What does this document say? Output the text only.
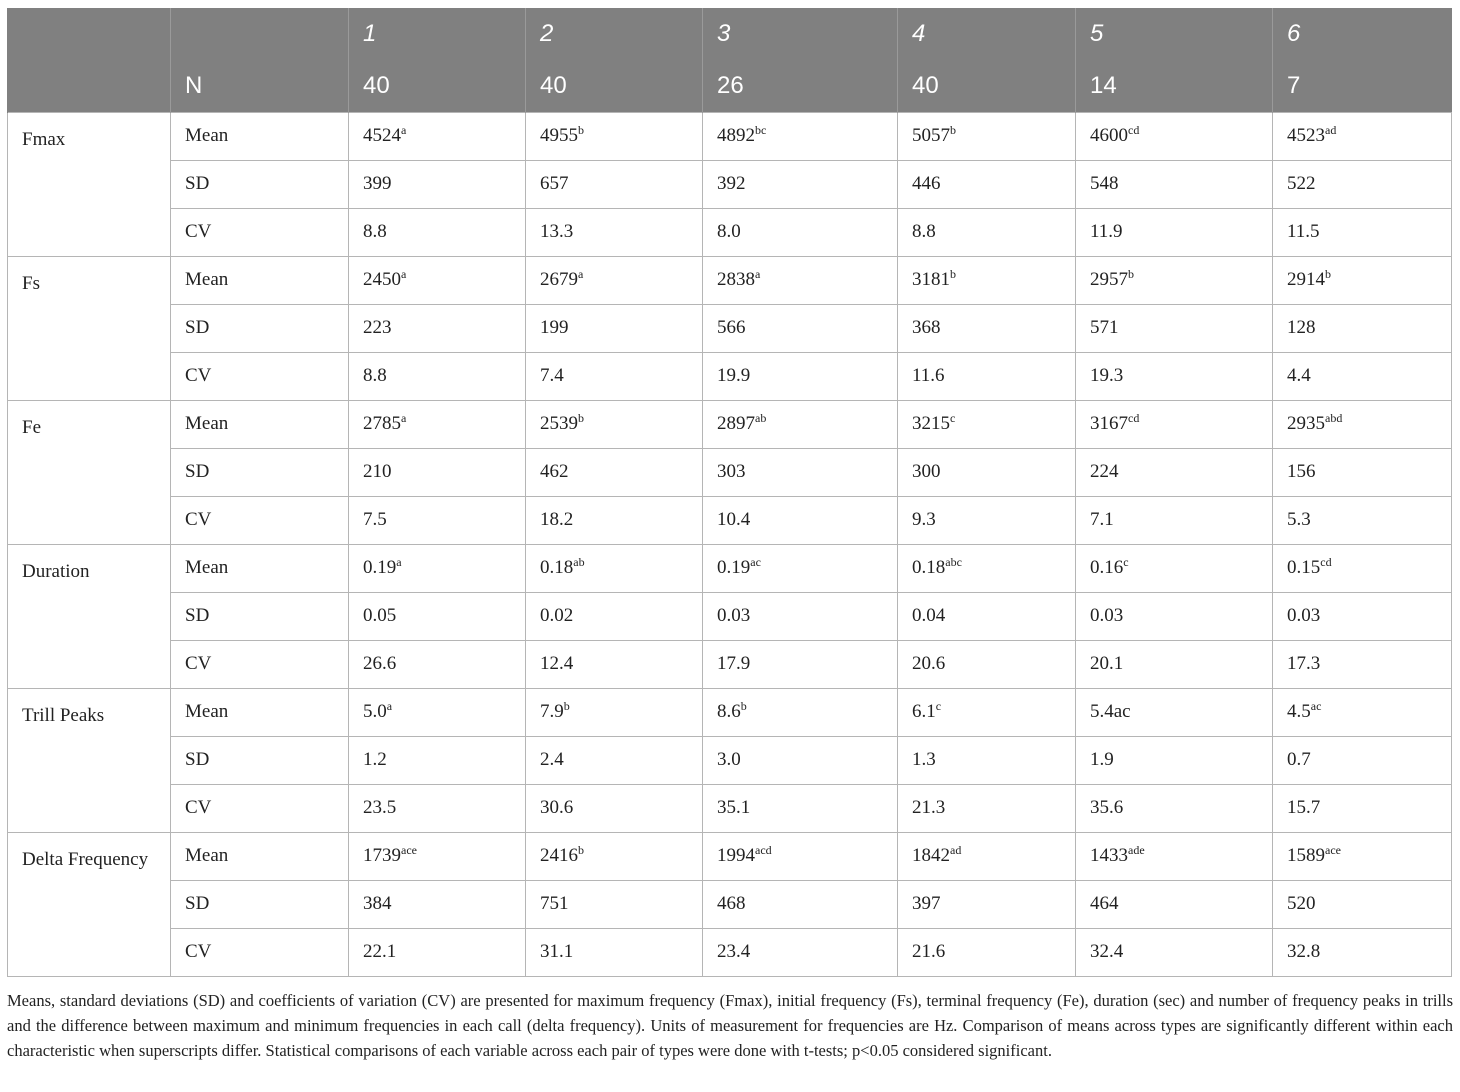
		1	2	3	4	5	6
	N	40	40	26	40	14	7
Fmax	Mean	4524$^a$	4955$^b$	$4892^{bc}$	5057$^b$	$4600^{cd}$	$4523^{ad}$
	SD	399	657	392	446	548	522
	CV	8.8	13.3	8.0	8.8	11.9	11.5
Fs	Mean	2450$^a$	2679$^a$	2838$^a$	3181$^b$	2957$^b$	2914$^b$
	SD	223	199	566	368	571	128
	CV	8.8	7.4	19.9	11.6	19.3	4.4
Fe	Mean	2785$^a$	2539$^b$	$2897^{ab}$	3215$^c$	$3167^{cd}$	$2935^{abd}$
	SD	210	462	303	300	224	156
	CV	7.5	18.2	10.4	9.3	7.1	5.3
Duration	Mean	0.19$^a$	0.18$^{ab}$	0.19$^{ac}$	0.18$^{abc}$	0.16$^c$	0.15$^{cd}$
	SD	0.05	0.02	0.03	0.04	0.03	0.03
	CV	26.6	12.4	17.9	20.6	20.1	17.3
Trill Peaks	Mean	5.0$^a$	7.9$^b$	8.6$^b$	6.1$^c$	5.4ac	4.5$^{ac}$
	SD	1.2	2.4	3.0	1.3	1.9	0.7
	CV	23.5	30.6	35.1	21.3	35.6	15.7
Delta Frequency	Mean	$1739^{ace}$	2416$^b$	$1994^{acd}$	$1842^{ad}$	$1433^{ade}$	$1589^{ace}$
	SD	384	751	468	397	464	520
	CV	22.1	31.1	23.4	21.6	32.4	32.8

Means, standard deviations (SD) and coefficients of variation (CV) are presented for maximum frequency (Fmax), initial frequency (Fs), terminal frequency (Fe), duration (sec) and number of frequency peaks in trills and the difference between maximum and minimum frequencies in each call (delta frequency). Units of measurement for frequencies are Hz. Comparison of means across types are significantly different within each characteristic when superscripts differ. Statistical comparisons of each variable across each pair of types were done with t-tests; p<0.05 considered significant.
